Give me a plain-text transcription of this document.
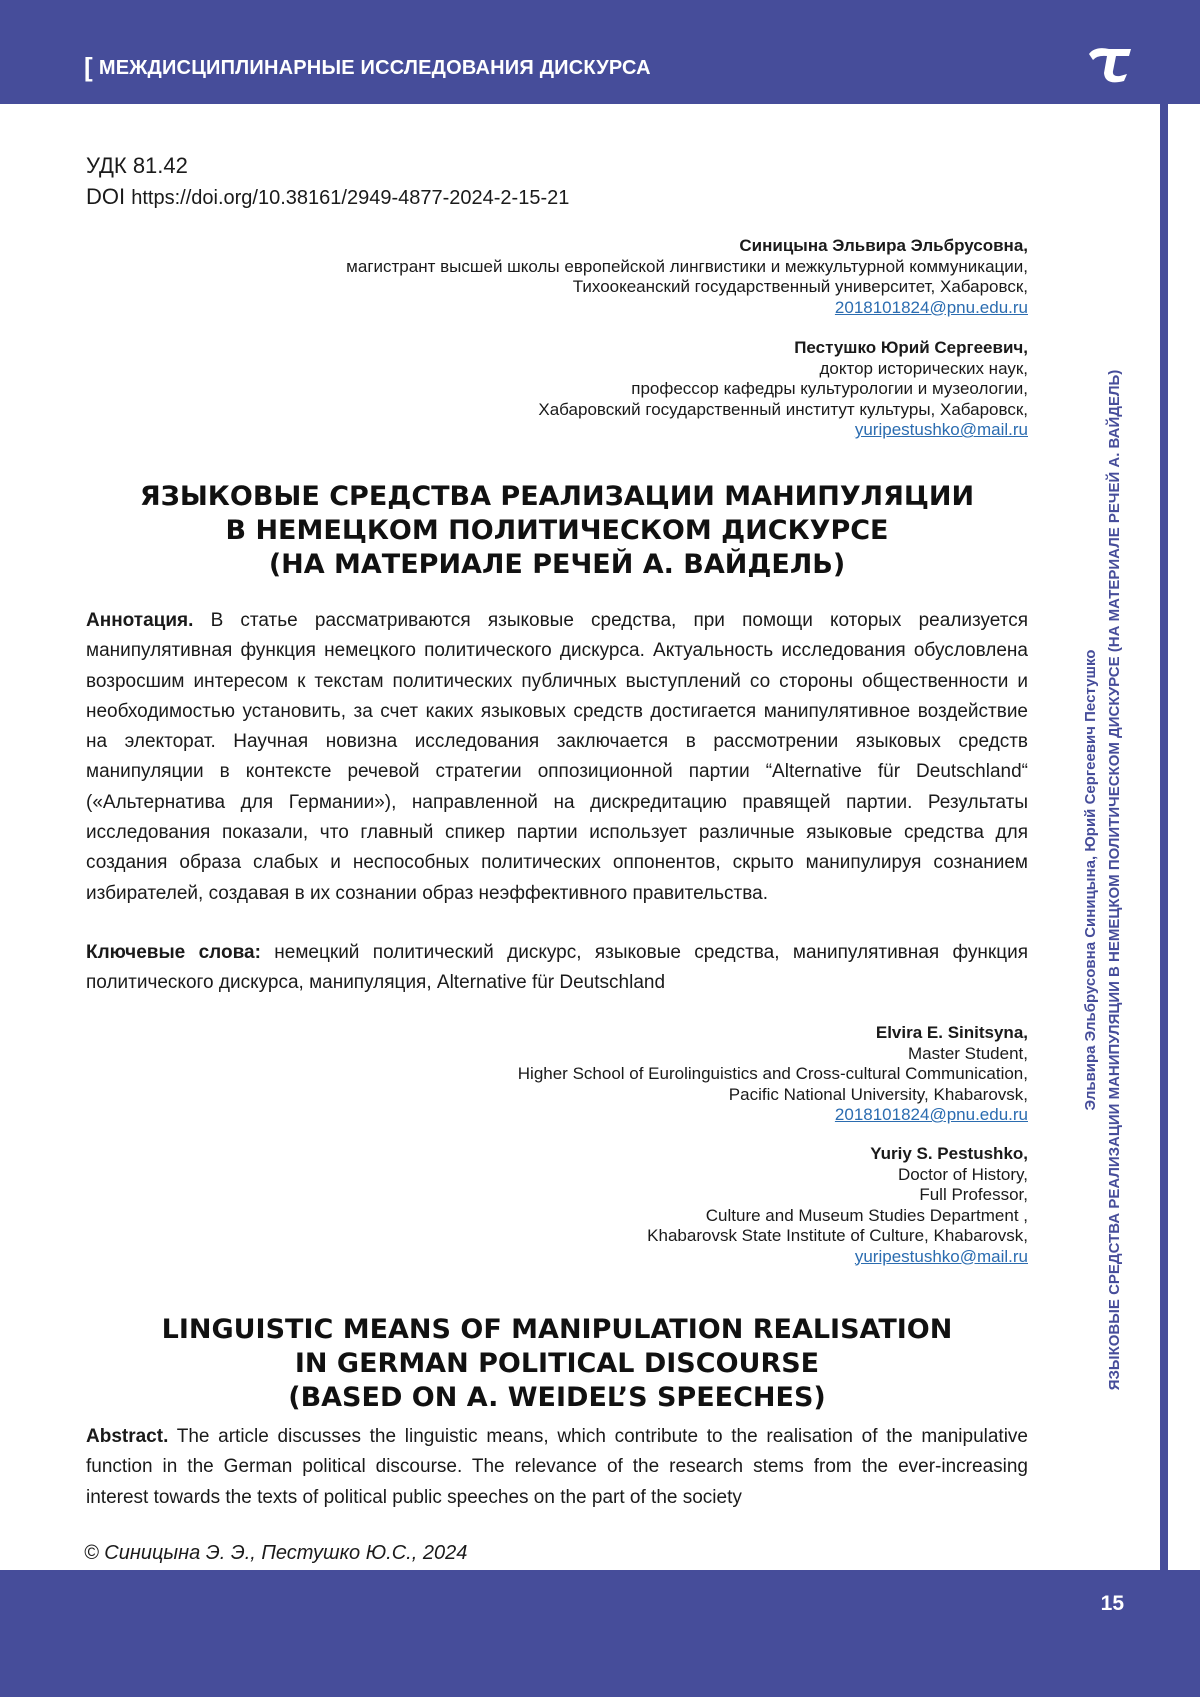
[ МЕЖДИСЦИПЛИНАРНЫЕ ИССЛЕДОВАНИЯ ДИСКУРСА
Эльвира Эльбрусовна Синицына, Юрий Сергеевич Пестушко ЯЗЫКОВЫЕ СРЕДСТВА РЕАЛИЗАЦИИ МАНИПУЛЯЦИИ В НЕМЕЦКОМ ПОЛИТИЧЕСКОМ ДИСКУРСЕ (НА МАТЕРИАЛЕ РЕЧЕЙ А. ВАЙДЕЛЬ)
УДК 81.42
DOI https://doi.org/10.38161/2949-4877-2024-2-15-21
Синицына Эльвира Эльбрусовна,
магистрант высшей школы европейской лингвистики и межкультурной коммуникации,
Тихоокеанский государственный университет, Хабаровск,
2018101824@pnu.edu.ru
Пестушко Юрий Сергеевич,
доктор исторических наук,
профессор кафедры культурологии и музеологии,
Хабаровский государственный институт культуры, Хабаровск,
yuripestushko@mail.ru
ЯЗЫКОВЫЕ СРЕДСТВА РЕАЛИЗАЦИИ МАНИПУЛЯЦИИ
В НЕМЕЦКОМ ПОЛИТИЧЕСКОМ ДИСКУРСЕ
(НА МАТЕРИАЛЕ РЕЧЕЙ А. ВАЙДЕЛЬ)

Аннотация. В статье рассматриваются языковые средства, при помощи которых реализуется манипулятивная функция немецкого политического дискурса. Актуальность исследования обусловлена возросшим интересом к текстам политических публичных выступлений со стороны общественности и необходимостью установить, за счет каких языковых средств достигается манипулятивное воздействие на электорат. Научная новизна исследования заключается в рассмотрении языковых средств манипуляции в контексте речевой стратегии оппозиционной партии “Alternative für Deutschland“ («Альтернатива для Германии»), направленной на дискредитацию правящей партии. Результаты исследования показали, что главный спикер партии использует различные языковые средства для создания образа слабых и неспособных политических оппонентов, скрыто манипулируя сознанием избирателей, создавая в их сознании образ неэффективного правительства.

Ключевые слова: немецкий политический дискурс, языковые средства, манипулятивная функция политического дискурса, манипуляция, Alternative für Deutschland

Elvira E. Sinitsyna,
Master Student,
Higher School of Eurolinguistics and Cross-cultural Communication,
Pacific National University, Khabarovsk,
2018101824@pnu.edu.ru
Yuriy S. Pestushko,
Doctor of History,
Full Professor,
Culture and Museum Studies Department ,
Khabarovsk State Institute of Culture, Khabarovsk,
yuripestushko@mail.ru
LINGUISTIC MEANS OF MANIPULATION REALISATION
IN GERMAN POLITICAL DISCOURSE
(BASED ON A. WEIDEL’S SPEECHES)

Abstract. The article discusses the linguistic means, which contribute to the realisation of the manipulative function in the German political discourse. The relevance of the research stems from the ever-increasing interest towards the texts of political public speeches on the part of the society

© Синицына Э. Э., Пестушко Ю.С., 2024
15
